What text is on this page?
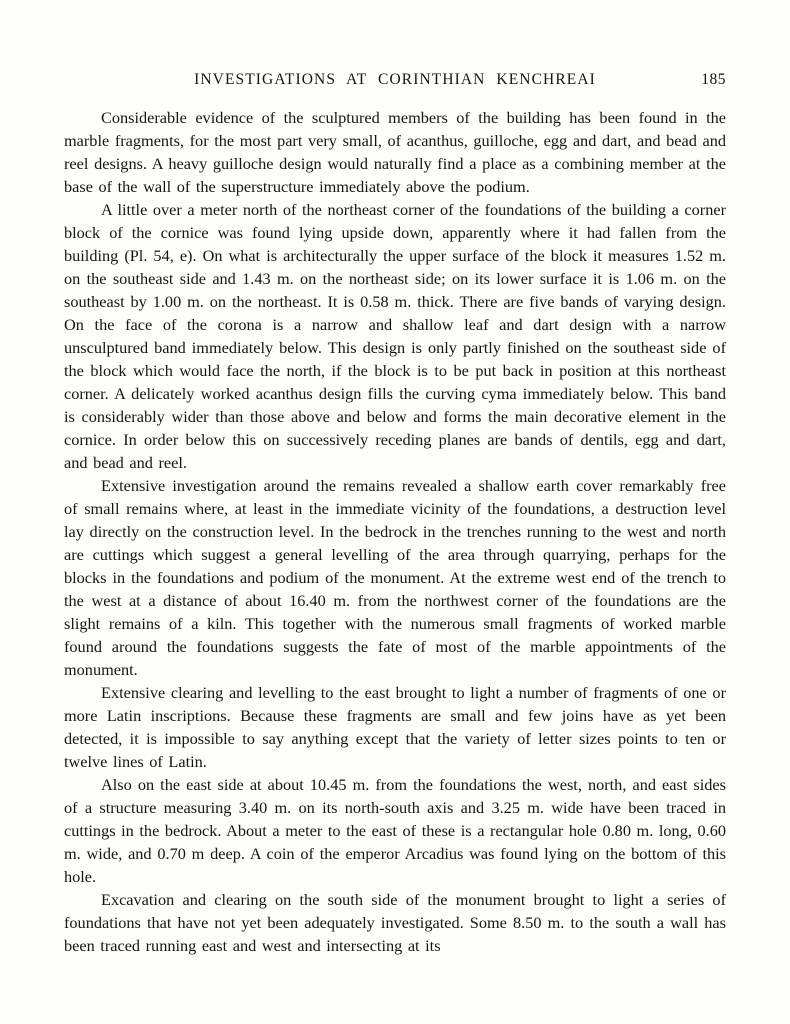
INVESTIGATIONS AT CORINTHIAN KENCHREAI	185

Considerable evidence of the sculptured members of the building has been found in the marble fragments, for the most part very small, of acanthus, guilloche, egg and dart, and bead and reel designs. A heavy guilloche design would naturally find a place as a combining member at the base of the wall of the superstructure immediately above the podium.

A little over a meter north of the northeast corner of the foundations of the building a corner block of the cornice was found lying upside down, apparently where it had fallen from the building (Pl. 54, e). On what is architecturally the upper surface of the block it measures 1.52 m. on the southeast side and 1.43 m. on the northeast side; on its lower surface it is 1.06 m. on the southeast by 1.00 m. on the northeast. It is 0.58 m. thick. There are five bands of varying design. On the face of the corona is a narrow and shallow leaf and dart design with a narrow unsculptured band immediately below. This design is only partly finished on the southeast side of the block which would face the north, if the block is to be put back in position at this northeast corner. A delicately worked acanthus design fills the curving cyma immediately below. This band is considerably wider than those above and below and forms the main decorative element in the cornice. In order below this on successively receding planes are bands of dentils, egg and dart, and bead and reel.

Extensive investigation around the remains revealed a shallow earth cover remarkably free of small remains where, at least in the immediate vicinity of the foundations, a destruction level lay directly on the construction level. In the bedrock in the trenches running to the west and north are cuttings which suggest a general levelling of the area through quarrying, perhaps for the blocks in the foundations and podium of the monument. At the extreme west end of the trench to the west at a distance of about 16.40 m. from the northwest corner of the foundations are the slight remains of a kiln. This together with the numerous small fragments of worked marble found around the foundations suggests the fate of most of the marble appointments of the monument.

Extensive clearing and levelling to the east brought to light a number of fragments of one or more Latin inscriptions. Because these fragments are small and few joins have as yet been detected, it is impossible to say anything except that the variety of letter sizes points to ten or twelve lines of Latin.

Also on the east side at about 10.45 m. from the foundations the west, north, and east sides of a structure measuring 3.40 m. on its north-south axis and 3.25 m. wide have been traced in cuttings in the bedrock. About a meter to the east of these is a rectangular hole 0.80 m. long, 0.60 m. wide, and 0.70 m deep. A coin of the emperor Arcadius was found lying on the bottom of this hole.

Excavation and clearing on the south side of the monument brought to light a series of foundations that have not yet been adequately investigated. Some 8.50 m. to the south a wall has been traced running east and west and intersecting at its
